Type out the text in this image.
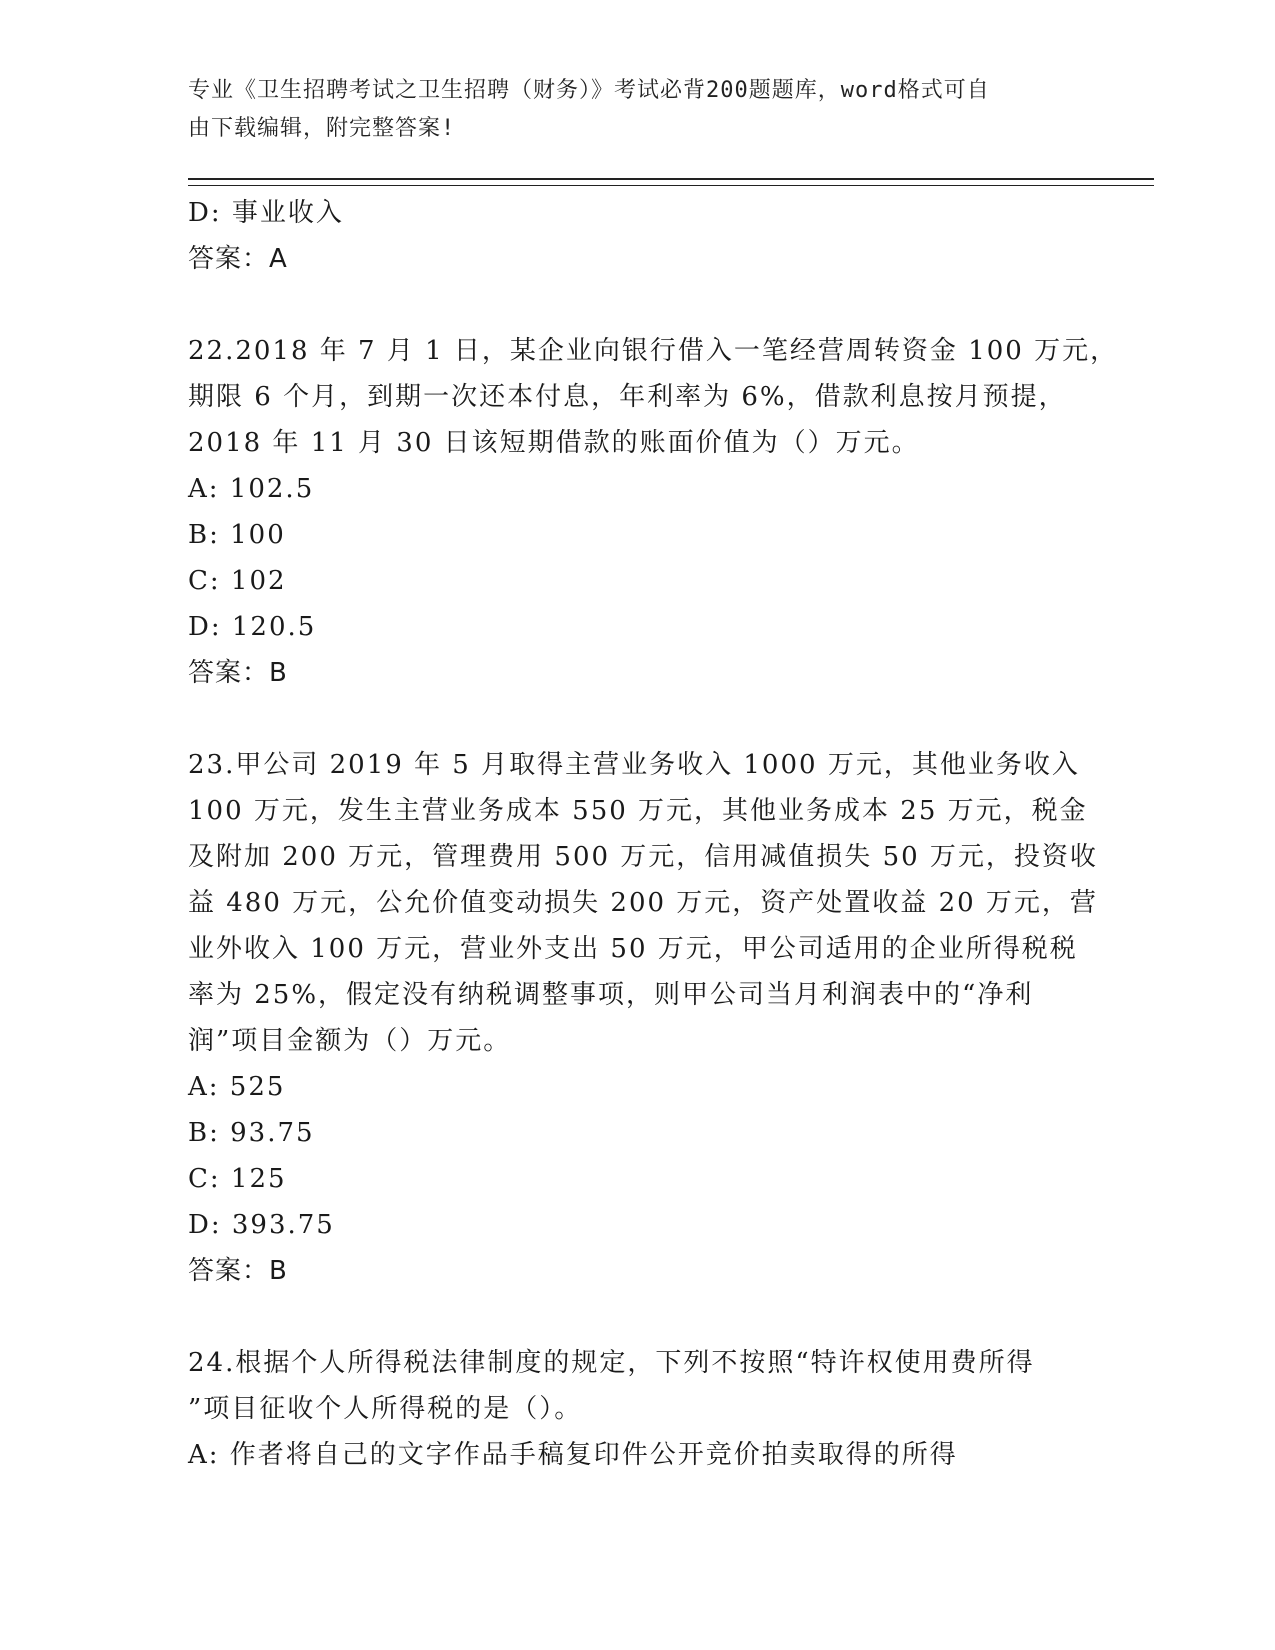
专业《卫生招聘考试之卫生招聘（财务）》考试必背200题题库，word格式可自
由下载编辑，附完整答案!
D: 事业收入
答案：A
22.2018 年 7 月 1 日，某企业向银行借入一笔经营周转资金 100 万元，
期限 6 个月，到期一次还本付息，年利率为 6%，借款利息按月预提，
2018 年 11 月 30 日该短期借款的账面价值为（）万元。
A: 102.5
B: 100
C: 102
D: 120.5
答案：B
23.甲公司 2019 年 5 月取得主营业务收入 1000 万元，其他业务收入
100 万元，发生主营业务成本 550 万元，其他业务成本 25 万元，税金
及附加 200 万元，管理费用 500 万元，信用减值损失 50 万元，投资收
益 480 万元，公允价值变动损失 200 万元，资产处置收益 20 万元，营
业外收入 100 万元，营业外支出 50 万元，甲公司适用的企业所得税税
率为 25%，假定没有纳税调整事项，则甲公司当月利润表中的“净利
润”项目金额为（）万元。
A: 525
B: 93.75
C: 125
D: 393.75
答案：B
24.根据个人所得税法律制度的规定，下列不按照“特许权使用费所得
”项目征收个人所得税的是（）。
A: 作者将自己的文字作品手稿复印件公开竞价拍卖取得的所得
